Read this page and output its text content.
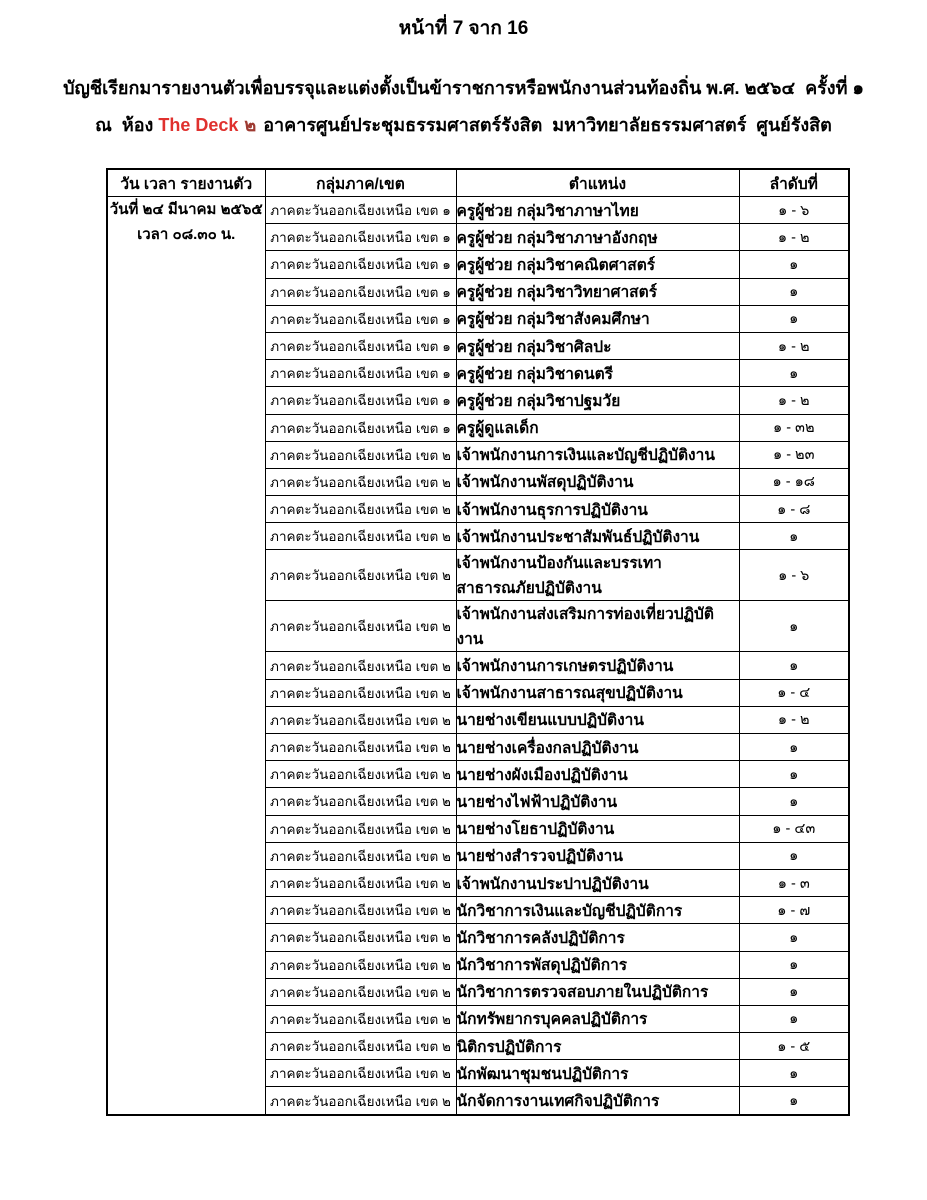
หน้าที่ 7 จาก 16
บัญชีเรียกมารายงานตัวเพื่อบรรจุและแต่งตั้งเป็นข้าราชการหรือพนักงานส่วนท้องถิ่น พ.ศ. ๒๕๖๔  ครั้งที่ ๑
ณ  ห้อง The Deck ๒ อาคารศูนย์ประชุมธรรมศาสตร์รังสิต  มหาวิทยาลัยธรรมศาสตร์  ศูนย์รังสิต
วัน เวลา รายงานตัว	กลุ่มภาค/เขต	ตำแหน่ง	ลำดับที่

วันที่ ๒๔ มีนาคม ๒๕๖๕
เวลา ๐๘.๓๐ น.	ภาคตะวันออกเฉียงเหนือ เขต ๑	ครูผู้ช่วย กลุ่มวิชาภาษาไทย	๑ - ๖
	ภาคตะวันออกเฉียงเหนือ เขต ๑	ครูผู้ช่วย กลุ่มวิชาภาษาอังกฤษ	๑ - ๒
	ภาคตะวันออกเฉียงเหนือ เขต ๑	ครูผู้ช่วย กลุ่มวิชาคณิตศาสตร์	๑
	ภาคตะวันออกเฉียงเหนือ เขต ๑	ครูผู้ช่วย กลุ่มวิชาวิทยาศาสตร์	๑
	ภาคตะวันออกเฉียงเหนือ เขต ๑	ครูผู้ช่วย กลุ่มวิชาสังคมศึกษา	๑
	ภาคตะวันออกเฉียงเหนือ เขต ๑	ครูผู้ช่วย กลุ่มวิชาศิลปะ	๑ - ๒
	ภาคตะวันออกเฉียงเหนือ เขต ๑	ครูผู้ช่วย กลุ่มวิชาดนตรี	๑
	ภาคตะวันออกเฉียงเหนือ เขต ๑	ครูผู้ช่วย กลุ่มวิชาปฐมวัย	๑ - ๒
	ภาคตะวันออกเฉียงเหนือ เขต ๑	ครูผู้ดูแลเด็ก	๑ - ๓๒
	ภาคตะวันออกเฉียงเหนือ เขต ๒	เจ้าพนักงานการเงินและบัญชีปฏิบัติงาน	๑ - ๒๓
	ภาคตะวันออกเฉียงเหนือ เขต ๒	เจ้าพนักงานพัสดุปฏิบัติงาน	๑ - ๑๘
	ภาคตะวันออกเฉียงเหนือ เขต ๒	เจ้าพนักงานธุรการปฏิบัติงาน	๑ - ๘
	ภาคตะวันออกเฉียงเหนือ เขต ๒	เจ้าพนักงานประชาสัมพันธ์ปฏิบัติงาน	๑
	ภาคตะวันออกเฉียงเหนือ เขต ๒	เจ้าพนักงานป้องกันและบรรเทาสาธารณภัยปฏิบัติงาน	๑ - ๖
	ภาคตะวันออกเฉียงเหนือ เขต ๒	เจ้าพนักงานส่งเสริมการท่องเที่ยวปฏิบัติงาน	๑
	ภาคตะวันออกเฉียงเหนือ เขต ๒	เจ้าพนักงานการเกษตรปฏิบัติงาน	๑
	ภาคตะวันออกเฉียงเหนือ เขต ๒	เจ้าพนักงานสาธารณสุขปฏิบัติงาน	๑ - ๔
	ภาคตะวันออกเฉียงเหนือ เขต ๒	นายช่างเขียนแบบปฏิบัติงาน	๑ - ๒
	ภาคตะวันออกเฉียงเหนือ เขต ๒	นายช่างเครื่องกลปฏิบัติงาน	๑
	ภาคตะวันออกเฉียงเหนือ เขต ๒	นายช่างผังเมืองปฏิบัติงาน	๑
	ภาคตะวันออกเฉียงเหนือ เขต ๒	นายช่างไฟฟ้าปฏิบัติงาน	๑
	ภาคตะวันออกเฉียงเหนือ เขต ๒	นายช่างโยธาปฏิบัติงาน	๑ - ๔๓
	ภาคตะวันออกเฉียงเหนือ เขต ๒	นายช่างสำรวจปฏิบัติงาน	๑
	ภาคตะวันออกเฉียงเหนือ เขต ๒	เจ้าพนักงานประปาปฏิบัติงาน	๑ - ๓
	ภาคตะวันออกเฉียงเหนือ เขต ๒	นักวิชาการเงินและบัญชีปฏิบัติการ	๑ - ๗
	ภาคตะวันออกเฉียงเหนือ เขต ๒	นักวิชาการคลังปฏิบัติการ	๑
	ภาคตะวันออกเฉียงเหนือ เขต ๒	นักวิชาการพัสดุปฏิบัติการ	๑
	ภาคตะวันออกเฉียงเหนือ เขต ๒	นักวิชาการตรวจสอบภายในปฏิบัติการ	๑
	ภาคตะวันออกเฉียงเหนือ เขต ๒	นักทรัพยากรบุคคลปฏิบัติการ	๑
	ภาคตะวันออกเฉียงเหนือ เขต ๒	นิติกรปฏิบัติการ	๑ - ๕
	ภาคตะวันออกเฉียงเหนือ เขต ๒	นักพัฒนาชุมชนปฏิบัติการ	๑
	ภาคตะวันออกเฉียงเหนือ เขต ๒	นักจัดการงานเทศกิจปฏิบัติการ	๑
